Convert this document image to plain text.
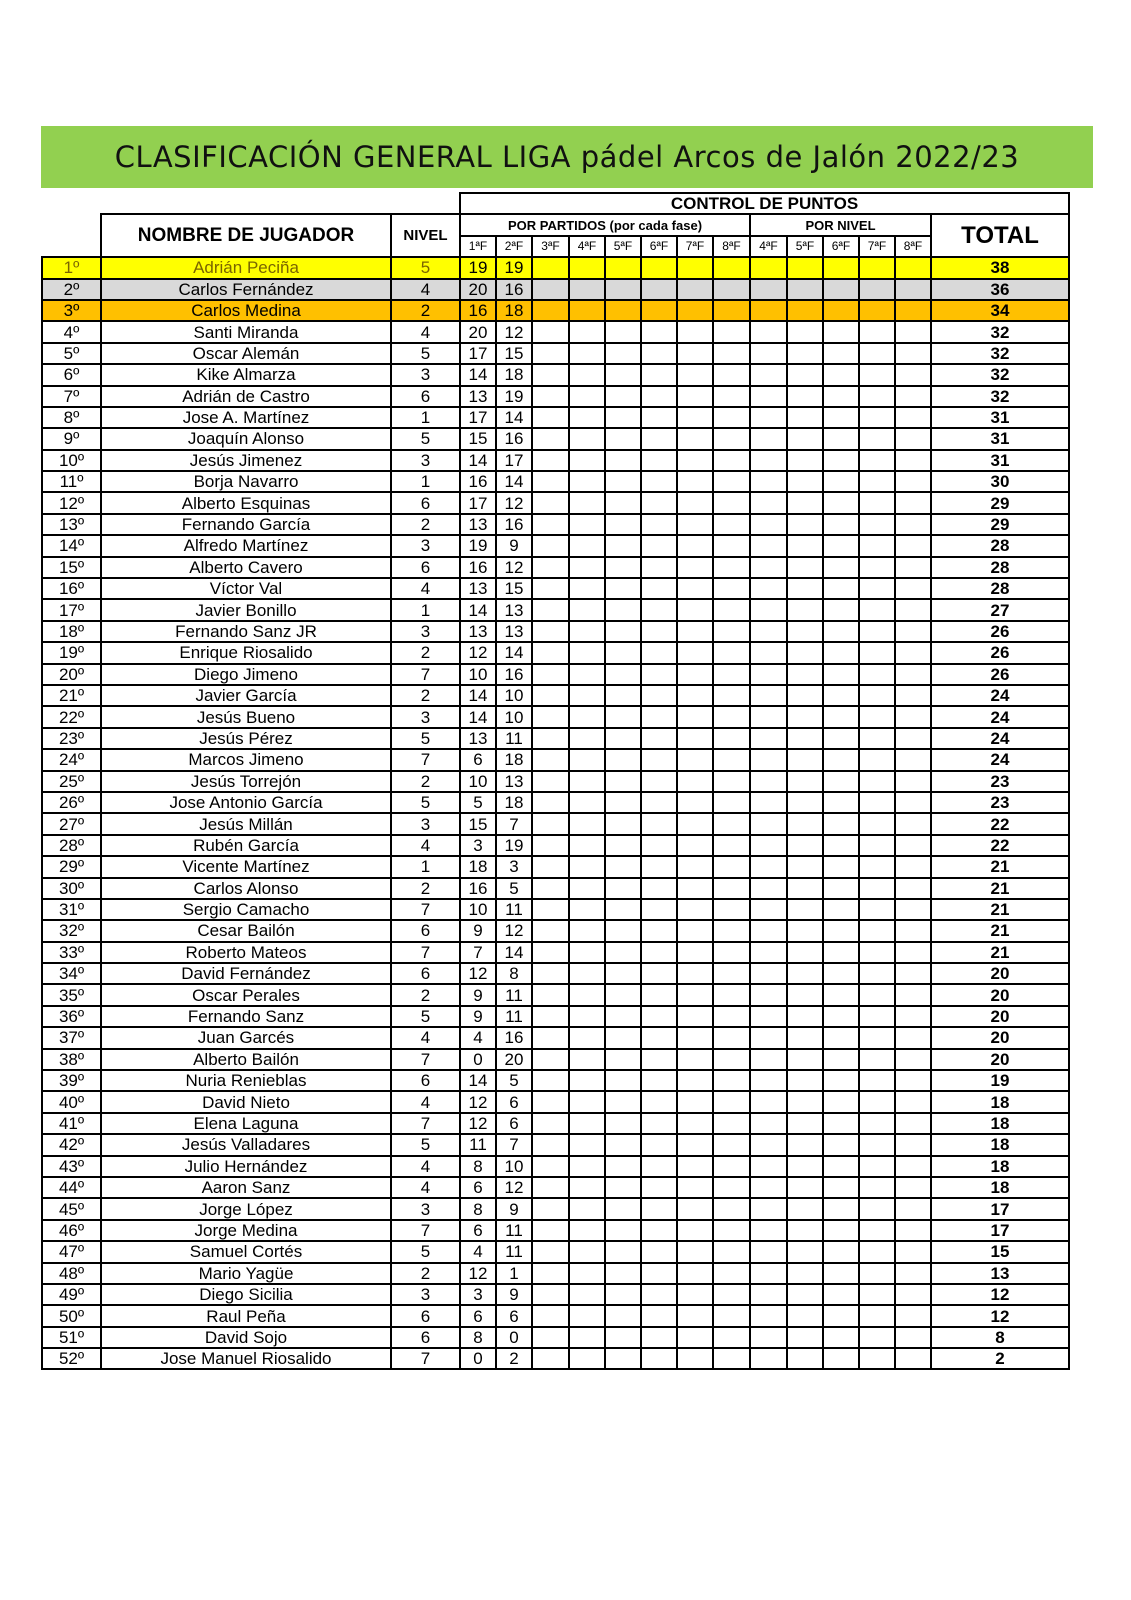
CLASIFICACIÓN GENERAL LIGA pádel Arcos de Jalón 2022/23
			CONTROL DE PUNTOS													
	NOMBRE DE JUGADOR	NIVEL	POR PARTIDOS (por cada fase)								POR NIVEL					TOTAL
			1ªF	2ªF	3ªF	4ªF	5ªF	6ªF	7ªF	8ªF	4ªF	5ªF	6ªF	7ªF	8ªF	
1º	Adrián Peciña	5	19	19												38
2º	Carlos Fernández	4	20	16												36
3º	Carlos Medina	2	16	18												34
4º	Santi Miranda	4	20	12												32
5º	Oscar Alemán	5	17	15												32
6º	Kike Almarza	3	14	18												32
7º	Adrián de Castro	6	13	19												32
8º	Jose A. Martínez	1	17	14												31
9º	Joaquín Alonso	5	15	16												31
10º	Jesús Jimenez	3	14	17												31
11º	Borja Navarro	1	16	14												30
12º	Alberto Esquinas	6	17	12												29
13º	Fernando García	2	13	16												29
14º	Alfredo Martínez	3	19	9												28
15º	Alberto Cavero	6	16	12												28
16º	Víctor Val	4	13	15												28
17º	Javier Bonillo	1	14	13												27
18º	Fernando Sanz JR	3	13	13												26
19º	Enrique Riosalido	2	12	14												26
20º	Diego Jimeno	7	10	16												26
21º	Javier García	2	14	10												24
22º	Jesús Bueno	3	14	10												24
23º	Jesús Pérez	5	13	11												24
24º	Marcos Jimeno	7	6	18												24
25º	Jesús Torrejón	2	10	13												23
26º	Jose Antonio García	5	5	18												23
27º	Jesús Millán	3	15	7												22
28º	Rubén García	4	3	19												22
29º	Vicente Martínez	1	18	3												21
30º	Carlos Alonso	2	16	5												21
31º	Sergio Camacho	7	10	11												21
32º	Cesar Bailón	6	9	12												21
33º	Roberto Mateos	7	7	14												21
34º	David Fernández	6	12	8												20
35º	Oscar Perales	2	9	11												20
36º	Fernando Sanz	5	9	11												20
37º	Juan Garcés	4	4	16												20
38º	Alberto Bailón	7	0	20												20
39º	Nuria Renieblas	6	14	5												19
40º	David Nieto	4	12	6												18
41º	Elena Laguna	7	12	6												18
42º	Jesús Valladares	5	11	7												18
43º	Julio Hernández	4	8	10												18
44º	Aaron Sanz	4	6	12												18
45º	Jorge López	3	8	9												17
46º	Jorge Medina	7	6	11												17
47º	Samuel Cortés	5	4	11												15
48º	Mario Yagüe	2	12	1												13
49º	Diego Sicilia	3	3	9												12
50º	Raul Peña	6	6	6												12
51º	David Sojo	6	8	0												8
52º	Jose Manuel Riosalido	7	0	2												2
